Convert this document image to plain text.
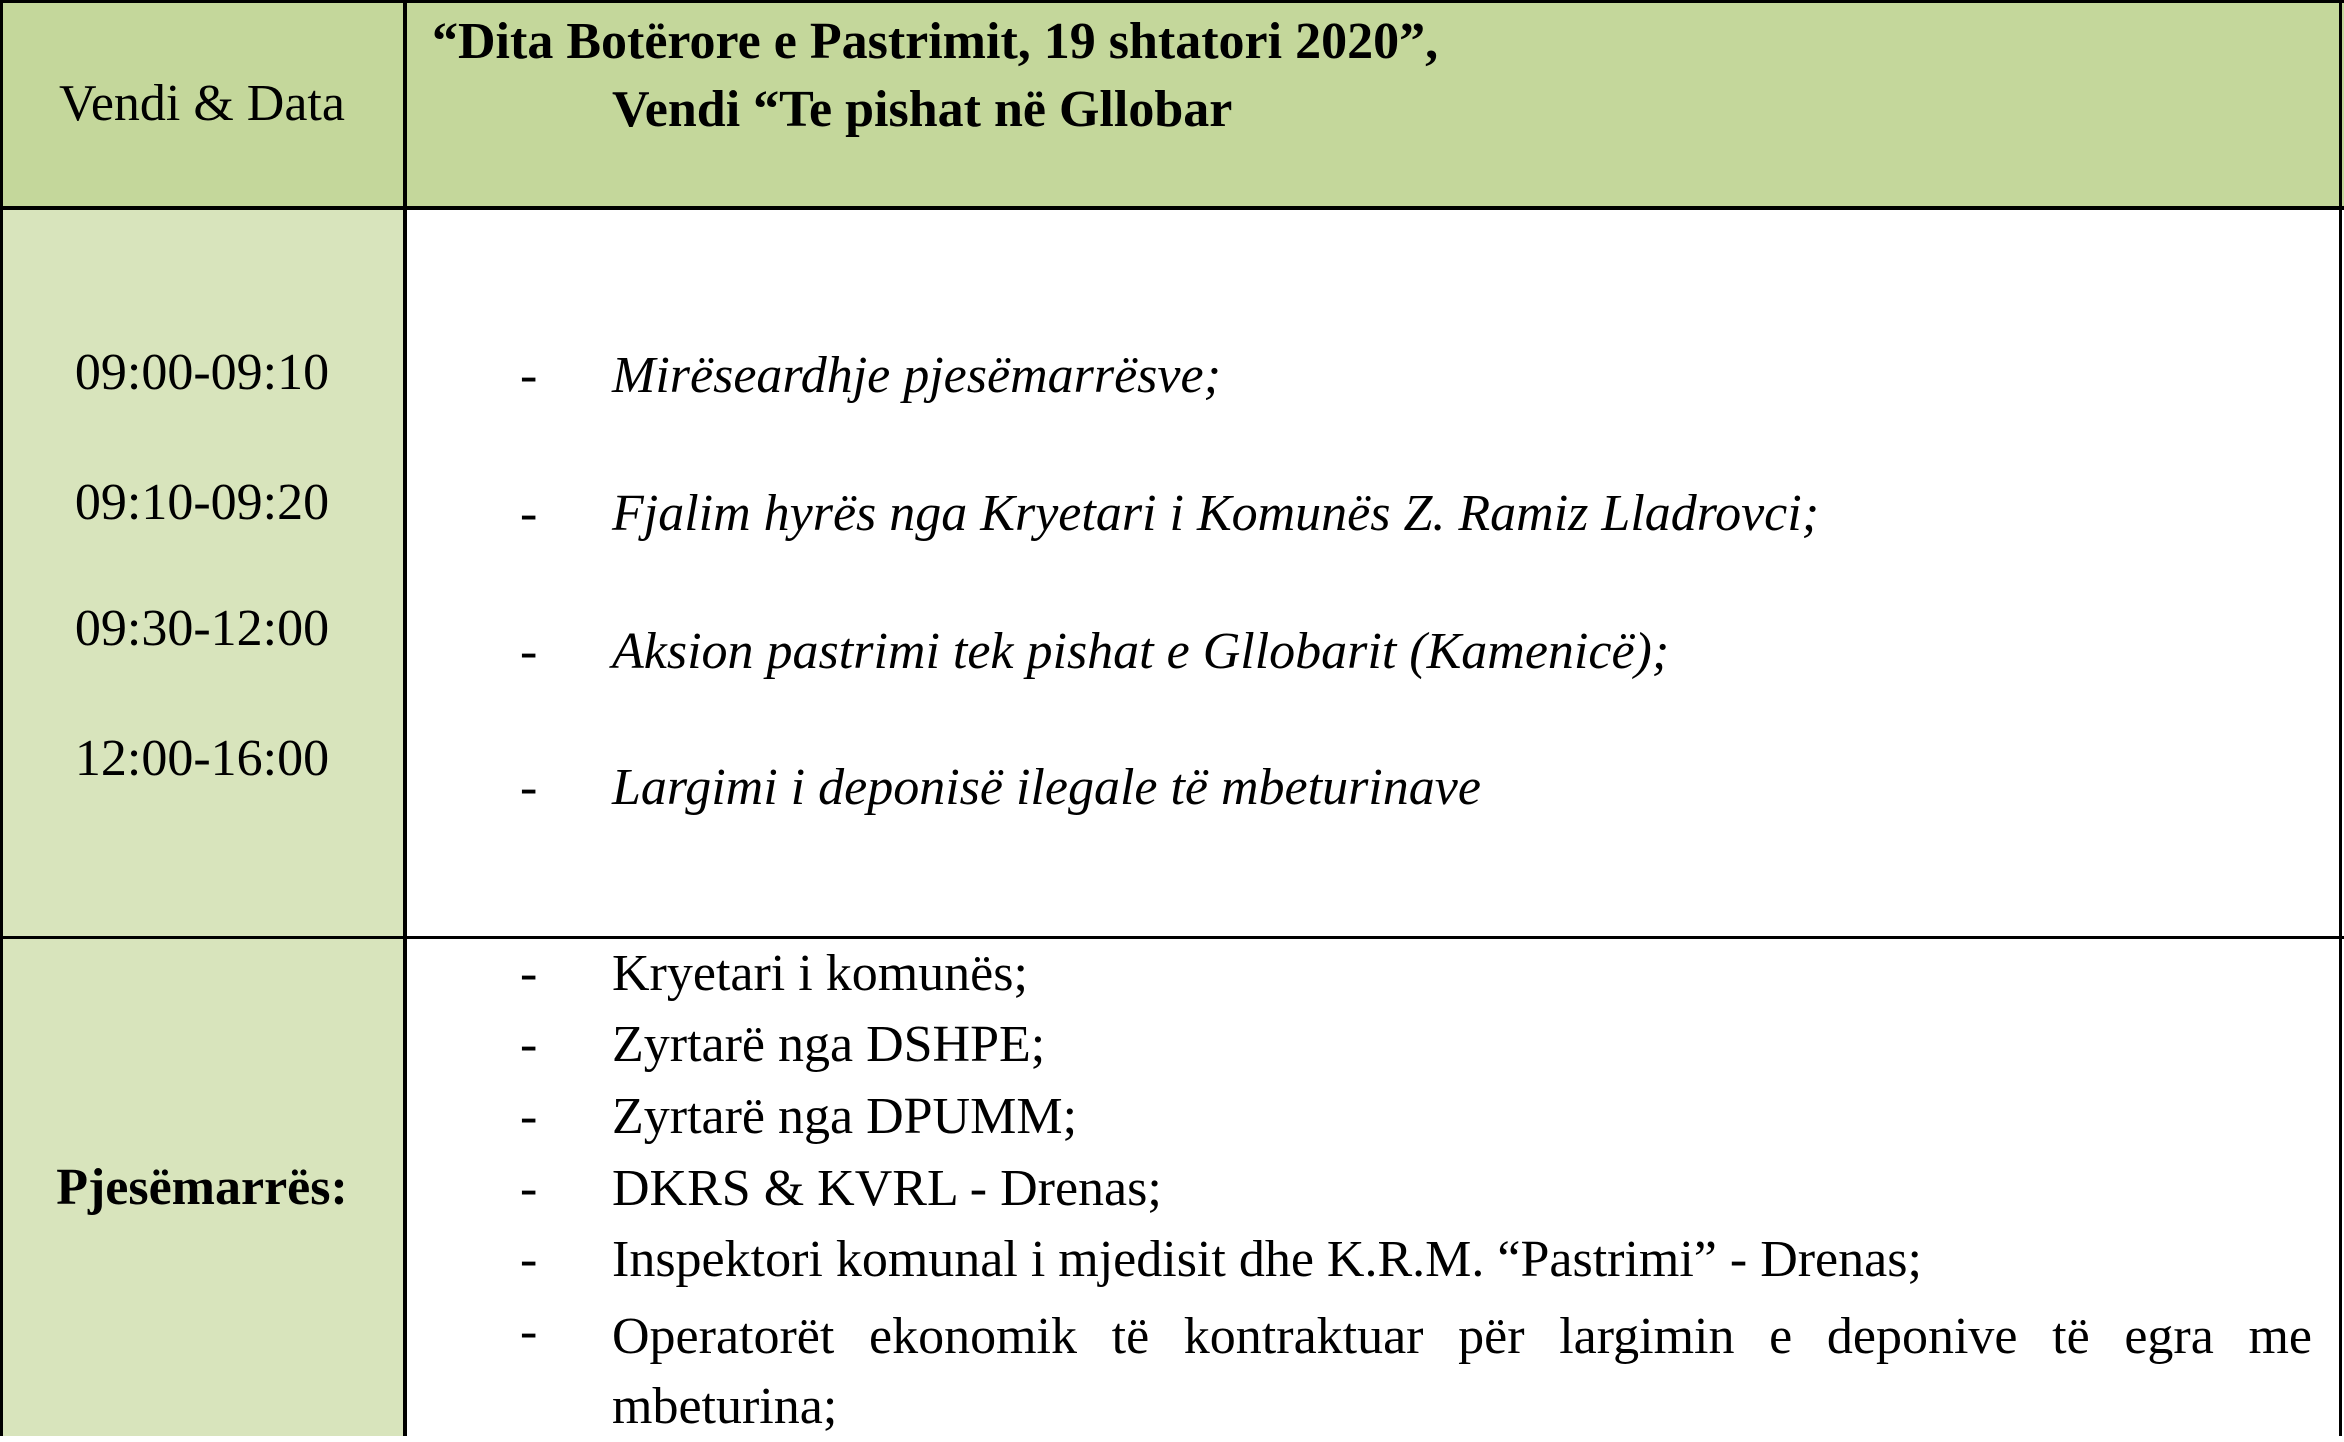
Vendi & Data
“Dita Botërore e Pastrimit, 19 shtatori 2020”,
Vendi “Te pishat në Gllobar
09:00-09:10
09:10-09:20
09:30-12:00
12:00-16:00
- Mirëseardhje pjesëmarrësve;
- Fjalim hyrës nga Kryetari i Komunës Z. Ramiz Lladrovci;
- Aksion pastrimi tek pishat e Gllobarit (Kamenicë);
- Largimi i deponisë ilegale të mbeturinave
Pjesëmarrës:
- Kryetari i komunës;
- Zyrtarë nga DSHPE;
- Zyrtarë nga DPUMM;
- DKRS & KVRL - Drenas;
- Inspektori komunal i mjedisit dhe K.R.M. “Pastrimi” - Drenas;
- Operatorët ekonomik të kontraktuar për largimin e deponive të egra me mbeturina;
